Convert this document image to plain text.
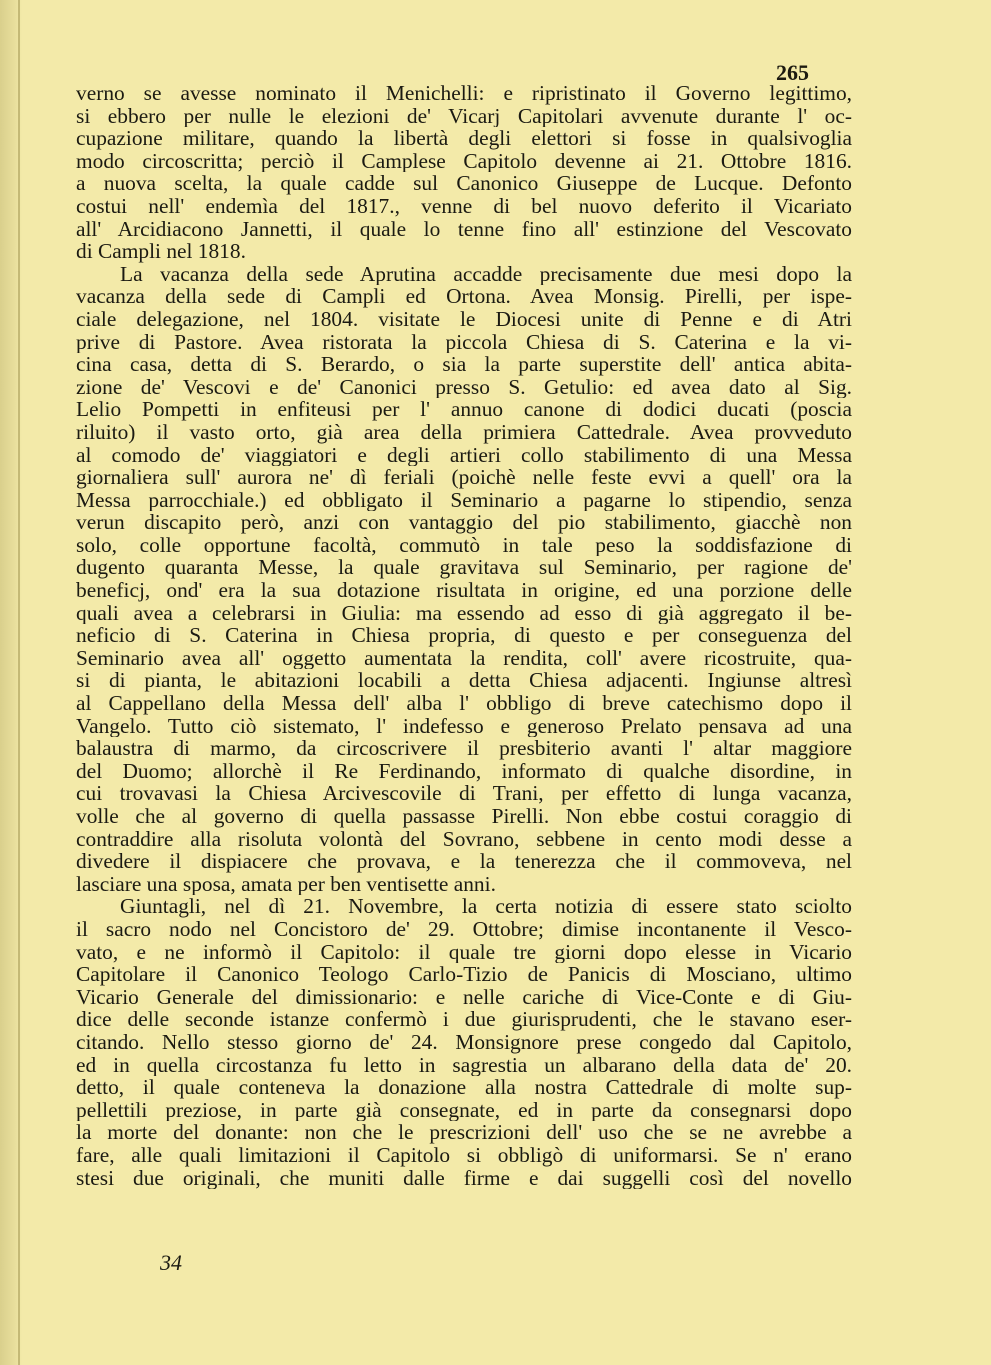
265
verno se avesse nominato il Menichelli: e ripristinato il Governo legittimo,
si ebbero per nulle le elezioni de' Vicarj Capitolari avvenute durante l' oc-
cupazione militare, quando la libertà degli elettori si fosse in qualsivoglia
modo circoscritta; perciò il Camplese Capitolo devenne ai 21. Ottobre 1816.
a nuova scelta, la quale cadde sul Canonico Giuseppe de Lucque. Defonto
costui nell' endemìa del 1817., venne di bel nuovo deferito il Vicariato
all' Arcidiacono Jannetti, il quale lo tenne fino all' estinzione del Vescovato
di Campli nel 1818.
La vacanza della sede Aprutina accadde precisamente due mesi dopo la
vacanza della sede di Campli ed Ortona. Avea Monsig. Pirelli, per ispe-
ciale delegazione, nel 1804. visitate le Diocesi unite di Penne e di Atri
prive di Pastore. Avea ristorata la piccola Chiesa di S. Caterina e la vi-
cina casa, detta di S. Berardo, o sia la parte superstite dell' antica abita-
zione de' Vescovi e de' Canonici presso S. Getulio: ed avea dato al Sig.
Lelio Pompetti in enfiteusi per l' annuo canone di dodici ducati (poscia
riluito) il vasto orto, già area della primiera Cattedrale. Avea provveduto
al comodo de' viaggiatori e degli artieri collo stabilimento di una Messa
giornaliera sull' aurora ne' dì feriali (poichè nelle feste evvi a quell' ora la
Messa parrocchiale.) ed obbligato il Seminario a pagarne lo stipendio, senza
verun discapito però, anzi con vantaggio del pio stabilimento, giacchè non
solo, colle opportune facoltà, commutò in tale peso la soddisfazione di
dugento quaranta Messe, la quale gravitava sul Seminario, per ragione de'
beneficj, ond' era la sua dotazione risultata in origine, ed una porzione delle
quali avea a celebrarsi in Giulia: ma essendo ad esso di già aggregato il be-
neficio di S. Caterina in Chiesa propria, di questo e per conseguenza del
Seminario avea all' oggetto aumentata la rendita, coll' avere ricostruite, qua-
si di pianta, le abitazioni locabili a detta Chiesa adjacenti. Ingiunse altresì
al Cappellano della Messa dell' alba l' obbligo di breve catechismo dopo il
Vangelo. Tutto ciò sistemato, l' indefesso e generoso Prelato pensava ad una
balaustra di marmo, da circoscrivere il presbiterio avanti l' altar maggiore
del Duomo; allorchè il Re Ferdinando, informato di qualche disordine, in
cui trovavasi la Chiesa Arcivescovile di Trani, per effetto di lunga vacanza,
volle che al governo di quella passasse Pirelli. Non ebbe costui coraggio di
contraddire alla risoluta volontà del Sovrano, sebbene in cento modi desse a
divedere il dispiacere che provava, e la tenerezza che il commoveva, nel
lasciare una sposa, amata per ben ventisette anni.
Giuntagli, nel dì 21. Novembre, la certa notizia di essere stato sciolto
il sacro nodo nel Concistoro de' 29. Ottobre; dimise incontanente il Vesco-
vato, e ne informò il Capitolo: il quale tre giorni dopo elesse in Vicario
Capitolare il Canonico Teologo Carlo-Tizio de Panicis di Mosciano, ultimo
Vicario Generale del dimissionario: e nelle cariche di Vice-Conte e di Giu-
dice delle seconde istanze confermò i due giurisprudenti, che le stavano eser-
citando. Nello stesso giorno de' 24. Monsignore prese congedo dal Capitolo,
ed in quella circostanza fu letto in sagrestia un albarano della data de' 20.
detto, il quale conteneva la donazione alla nostra Cattedrale di molte sup-
pellettili preziose, in parte già consegnate, ed in parte da consegnarsi dopo
la morte del donante: non che le prescrizioni dell' uso che se ne avrebbe a
fare, alle quali limitazioni il Capitolo si obbligò di uniformarsi. Se n' erano
stesi due originali, che muniti dalle firme e dai suggelli così del novello
34
